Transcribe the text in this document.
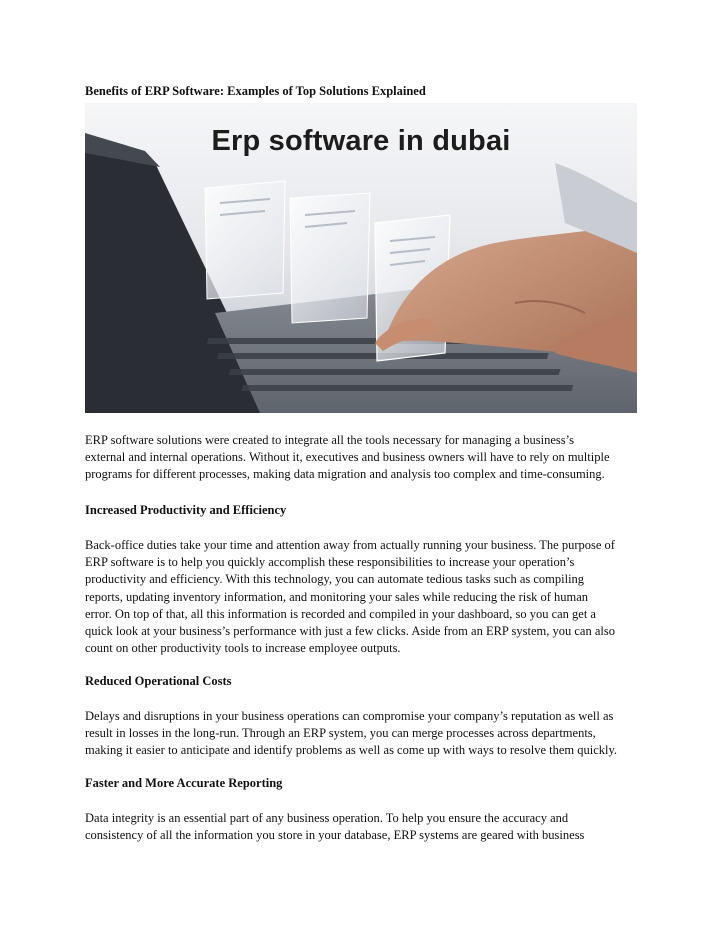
Benefits of ERP Software: Examples of Top Solutions Explained
Erp software in dubai

ERP software solutions were created to integrate all the tools necessary for managing a business’s
external and internal operations. Without it, executives and business owners will have to rely on multiple
programs for different processes, making data migration and analysis too complex and time-consuming.

Increased Productivity and Efficiency

Back-office duties take your time and attention away from actually running your business. The purpose of
ERP software is to help you quickly accomplish these responsibilities to increase your operation’s
productivity and efficiency. With this technology, you can automate tedious tasks such as compiling
reports, updating inventory information, and monitoring your sales while reducing the risk of human
error. On top of that, all this information is recorded and compiled in your dashboard, so you can get a
quick look at your business’s performance with just a few clicks. Aside from an ERP system, you can also
count on other productivity tools to increase employee outputs.

Reduced Operational Costs

Delays and disruptions in your business operations can compromise your company’s reputation as well as
result in losses in the long-run. Through an ERP system, you can merge processes across departments,
making it easier to anticipate and identify problems as well as come up with ways to resolve them quickly.

Faster and More Accurate Reporting

Data integrity is an essential part of any business operation. To help you ensure the accuracy and
consistency of all the information you store in your database, ERP systems are geared with business
